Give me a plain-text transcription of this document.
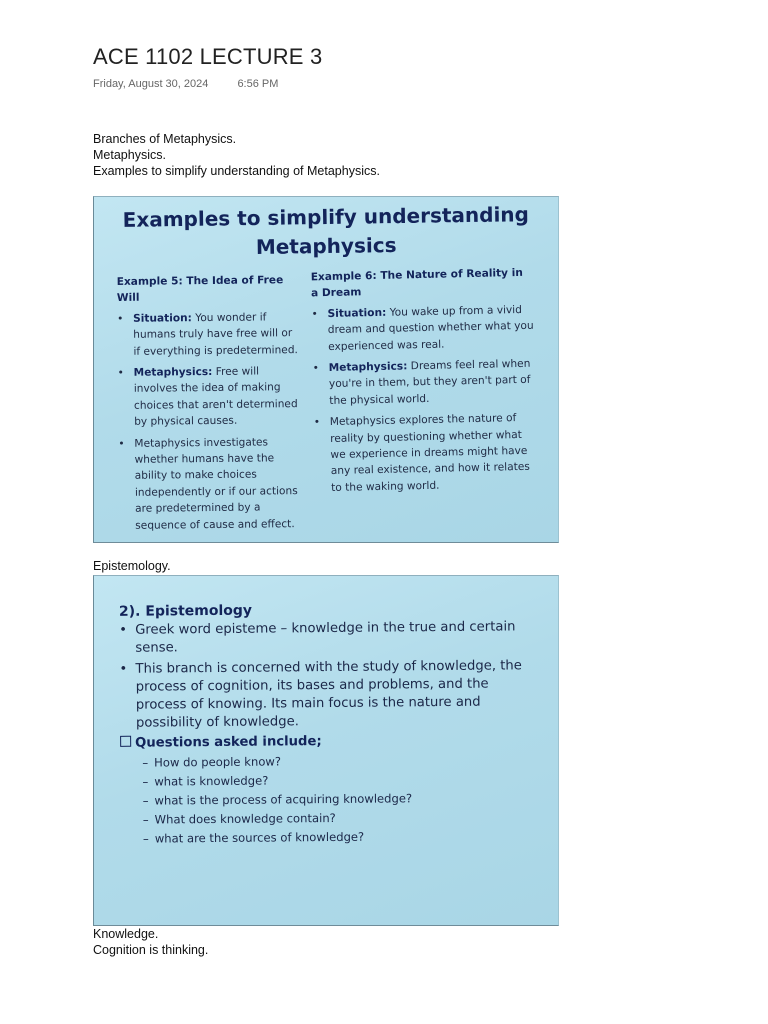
ACE 1102 LECTURE 3
Friday, August 30, 2024	6:56 PM
Branches of Metaphysics.
Metaphysics.
Examples to simplify understanding of Metaphysics.
Examples to simplify understanding
Metaphysics
Example 5: The Idea of Free Will
• Situation: You wonder if humans truly have free will or if everything is predetermined.
• Metaphysics: Free will involves the idea of making choices that aren't determined by physical causes.
• Metaphysics investigates whether humans have the ability to make choices independently or if our actions are predetermined by a sequence of cause and effect.
Example 6: The Nature of Reality in a Dream
• Situation: You wake up from a vivid dream and question whether what you experienced was real.
• Metaphysics: Dreams feel real when you're in them, but they aren't part of the physical world.
• Metaphysics explores the nature of reality by questioning whether what we experience in dreams might have any real existence, and how it relates to the waking world.
Epistemology.
2). Epistemology
• Greek word episteme – knowledge in the true and certain sense.
• This branch is concerned with the study of knowledge, the process of cognition, its bases and problems, and the process of knowing. Its main focus is the nature and possibility of knowledge.
Questions asked include;
– How do people know?
– what is knowledge?
– what is the process of acquiring knowledge?
– What does knowledge contain?
– what are the sources of knowledge?
Knowledge.
Cognition is thinking.
